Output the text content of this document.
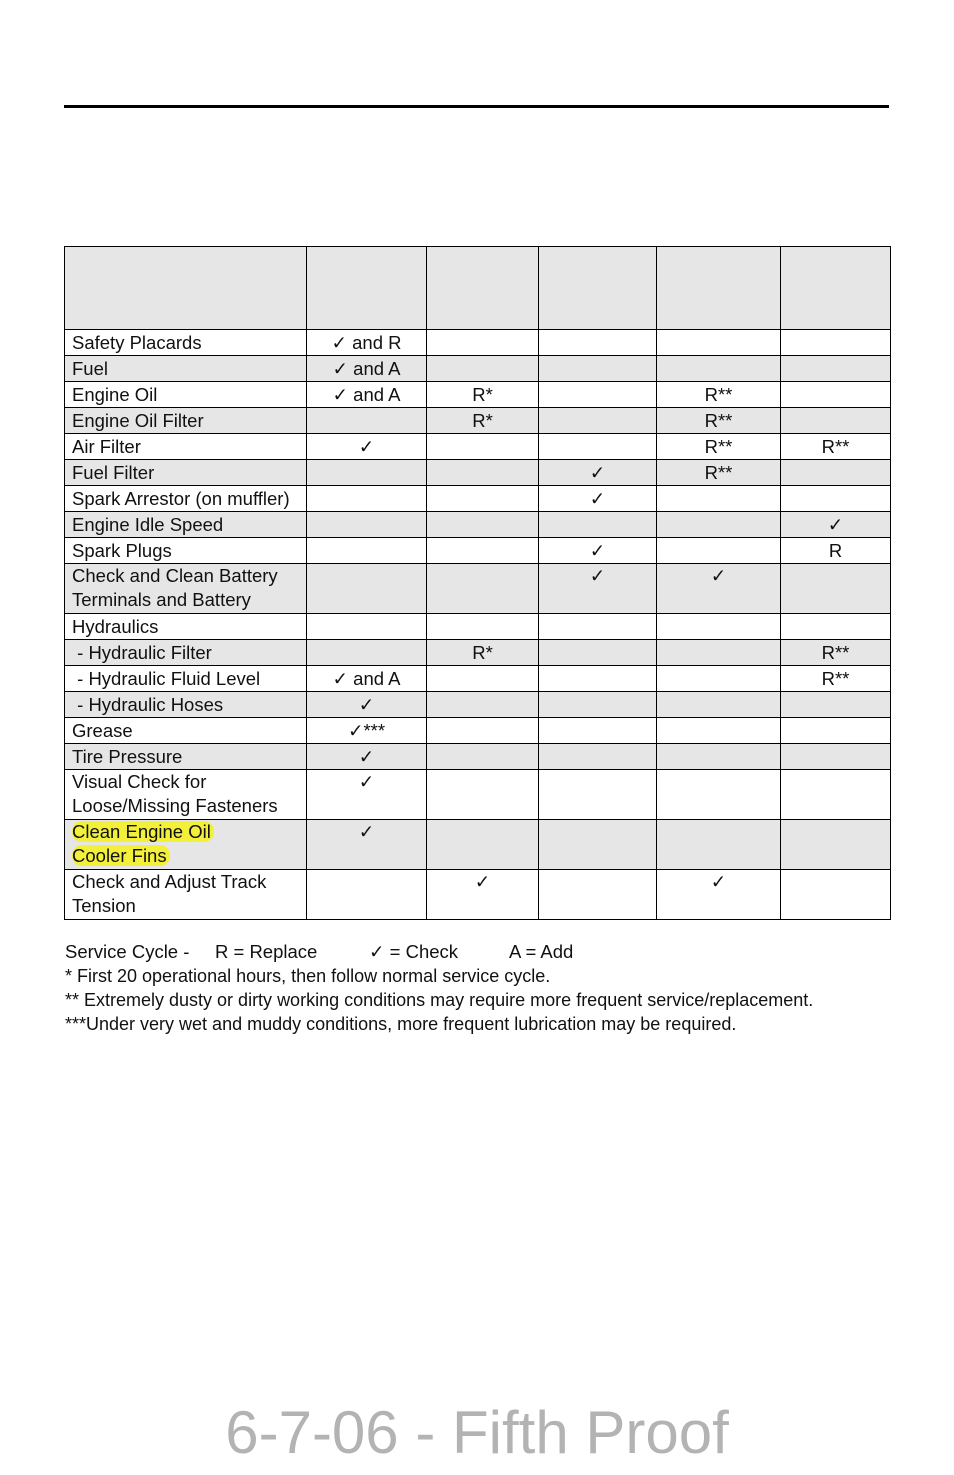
Safety Placards	✓ and R				

Fuel	✓ and A				

Engine Oil	✓ and A	R*		R**	

Engine Oil Filter		R*		R**	

Air Filter	✓			R**	R**

Fuel Filter			✓	R**	

Spark Arrestor (on muffler)			✓		

Engine Idle Speed					✓

Spark Plugs			✓		R

Check and Clean Battery
Terminals and Battery			✓	✓	

Hydraulics					

- Hydraulic Filter		R*			R**

- Hydraulic Fluid Level	✓ and A				R**

- Hydraulic Hoses	✓				

Grease	✓***				

Tire Pressure	✓				

Visual Check for
Loose/Missing Fasteners	✓				

Clean Engine Oil
Cooler Fins	✓				

Check and Adjust Track
Tension		✓		✓	
Service Cycle - R = Replace	✓ = Check	A = Add
* First 20 operational hours, then follow normal service cycle.
** Extremely dusty or dirty working conditions may require more frequent service/replacement.
***Under very wet and muddy conditions, more frequent lubrication may be required.
6-7-06 - Fifth Proof
